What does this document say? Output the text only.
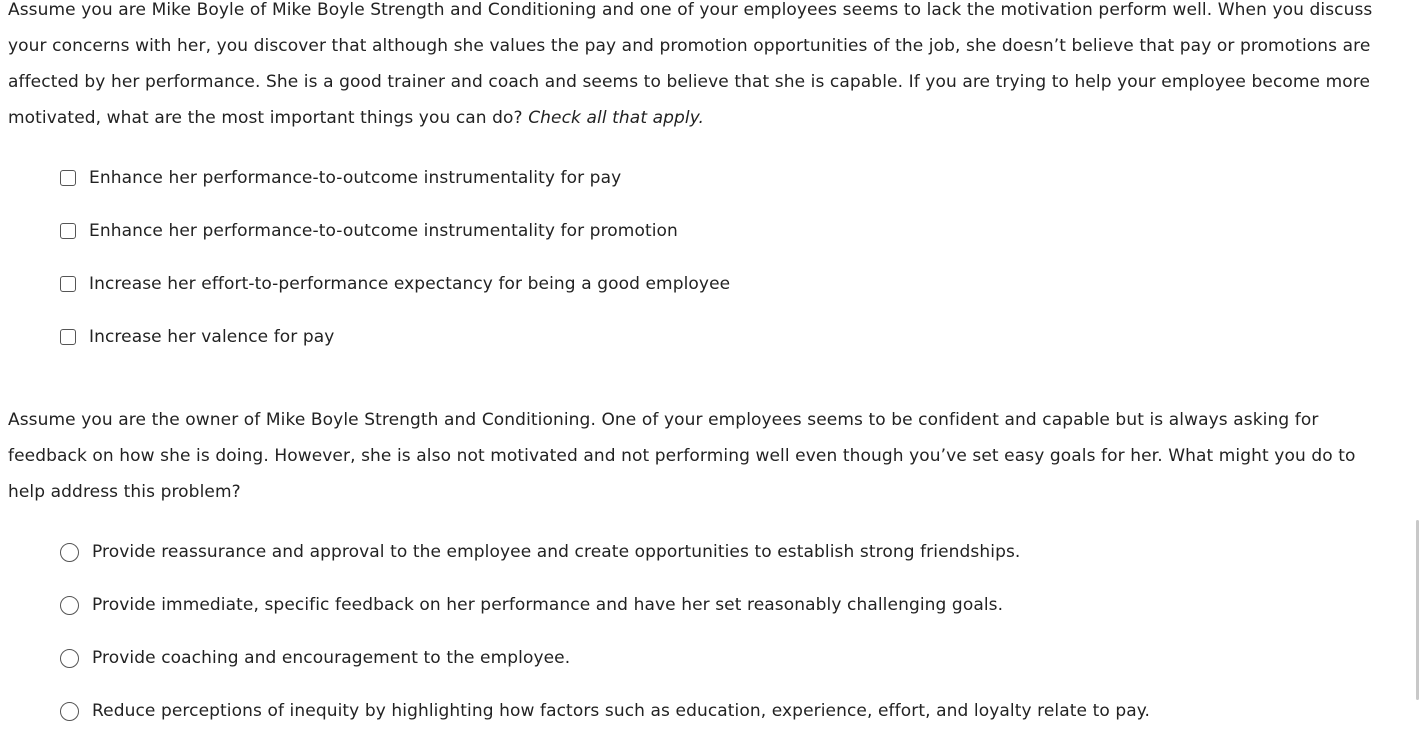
Assume you are Mike Boyle of Mike Boyle Strength and Conditioning and one of your employees seems to lack the motivation perform well. When you discuss your concerns with her, you discover that although she values the pay and promotion opportunities of the job, she doesn’t believe that pay or promotions are affected by her performance. She is a good trainer and coach and seems to believe that she is capable. If you are trying to help your employee become more motivated, what are the most important things you can do? Check all that apply.

Enhance her performance-to-outcome instrumentality for pay
Enhance her performance-to-outcome instrumentality for promotion
Increase her effort-to-performance expectancy for being a good employee
Increase her valence for pay

Assume you are the owner of Mike Boyle Strength and Conditioning. One of your employees seems to be confident and capable but is always asking for feedback on how she is doing. However, she is also not motivated and not performing well even though you’ve set easy goals for her. What might you do to help address this problem?

Provide reassurance and approval to the employee and create opportunities to establish strong friendships.
Provide immediate, specific feedback on her performance and have her set reasonably challenging goals.
Provide coaching and encouragement to the employee.
Reduce perceptions of inequity by highlighting how factors such as education, experience, effort, and loyalty relate to pay.
